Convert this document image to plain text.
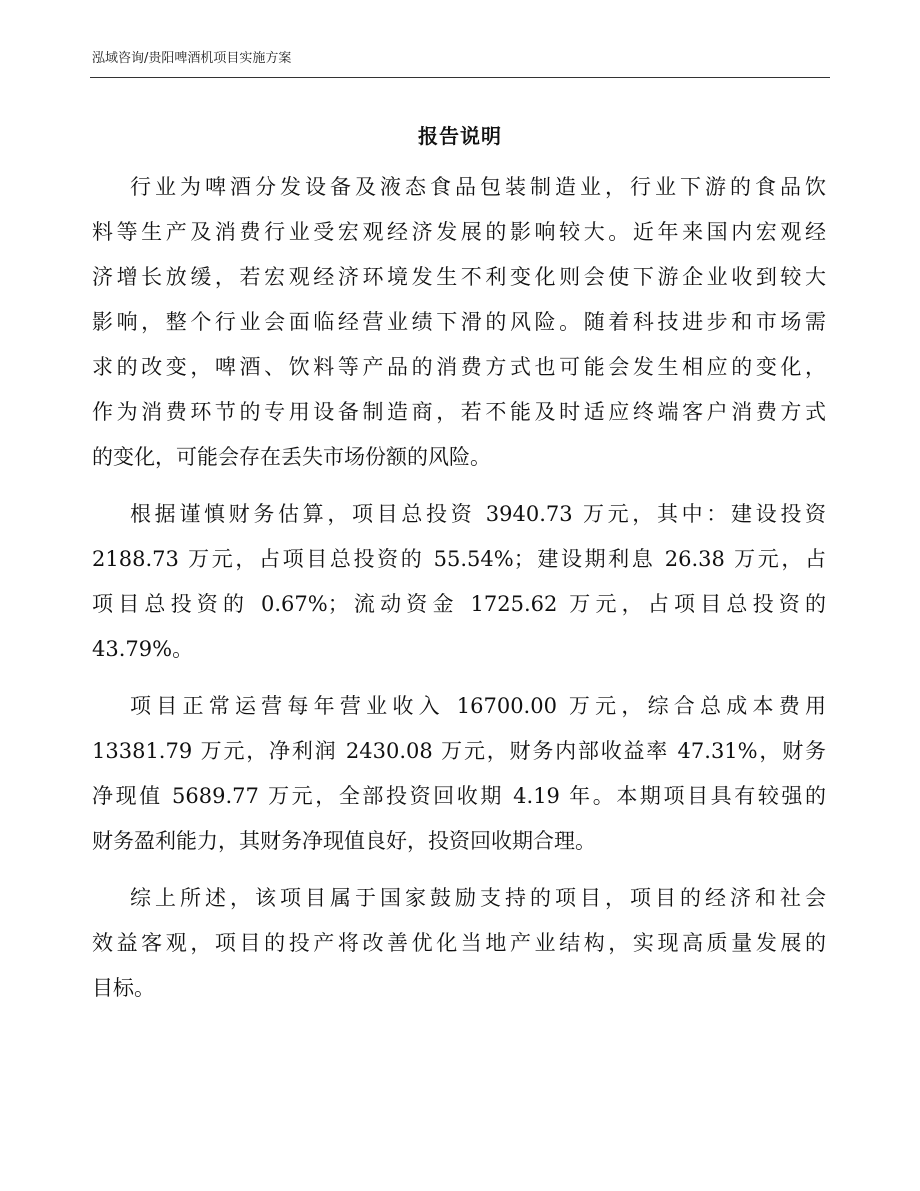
泓域咨询/贵阳啤酒机项目实施方案
报告说明
行业为啤酒分发设备及液态食品包装制造业，行业下游的食品饮
料等生产及消费行业受宏观经济发展的影响较大。近年来国内宏观经
济增长放缓，若宏观经济环境发生不利变化则会使下游企业收到较大
影响，整个行业会面临经营业绩下滑的风险。随着科技进步和市场需
求的改变，啤酒、饮料等产品的消费方式也可能会发生相应的变化，
作为消费环节的专用设备制造商，若不能及时适应终端客户消费方式
的变化，可能会存在丢失市场份额的风险。
根据谨慎财务估算，项目总投资 3940.73 万元，其中：建设投资
2188.73 万元，占项目总投资的 55.54%；建设期利息 26.38 万元，占
项目总投资的 0.67%；流动资金 1725.62 万元，占项目总投资的
43.79%。
项目正常运营每年营业收入 16700.00 万元，综合总成本费用
13381.79 万元，净利润 2430.08 万元，财务内部收益率 47.31%，财务
净现值 5689.77 万元，全部投资回收期 4.19 年。本期项目具有较强的
财务盈利能力，其财务净现值良好，投资回收期合理。
综上所述，该项目属于国家鼓励支持的项目，项目的经济和社会
效益客观，项目的投产将改善优化当地产业结构，实现高质量发展的
目标。
